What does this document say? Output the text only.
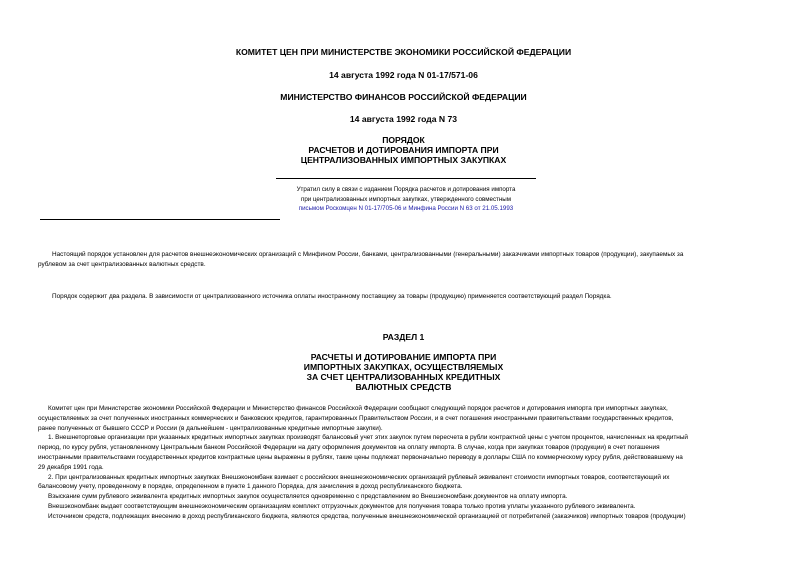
КОМИТЕТ ЦЕН ПРИ МИНИСТЕРСТВЕ ЭКОНОМИКИ РОССИЙСКОЙ ФЕДЕРАЦИИ
14 августа 1992 года N 01-17/571-06
МИНИСТЕРСТВО ФИНАНСОВ РОССИЙСКОЙ ФЕДЕРАЦИИ
14 августа 1992 года N 73
ПОРЯДОК
РАСЧЕТОВ И ДОТИРОВАНИЯ ИМПОРТА ПРИ
ЦЕНТРАЛИЗОВАННЫХ ИМПОРТНЫХ ЗАКУПКАХ
Утратил силу в связи с изданием Порядка расчетов и дотирования импорта
при централизованных импортных закупках, утвержденного совместным
письмом Роскомцен N 01-17/705-06 и Минфина России N 63 от 21.05.1993
Настоящий порядок установлен для расчетов внешнеэкономических организаций с Минфином России, банками, централизованными (генеральными) заказчиками импортных товаров (продукции), закупаемых за
рублевом за счет централизованных валютных средств.
Порядок содержит два раздела. В зависимости от централизованного источника оплаты иностранному поставщику за товары (продукцию) применяется соответствующий раздел Порядка.
РАЗДЕЛ 1
РАСЧЕТЫ И ДОТИРОВАНИЕ ИМПОРТА ПРИ
ИМПОРТНЫХ ЗАКУПКАХ, ОСУЩЕСТВЛЯЕМЫХ
ЗА СЧЕТ ЦЕНТРАЛИЗОВАННЫХ КРЕДИТНЫХ
ВАЛЮТНЫХ СРЕДСТВ
Комитет цен при Министерстве экономики Российской Федерации и Министерство финансов Российской Федерации сообщают следующий порядок расчетов и дотирования импорта при импортных закупках,
осуществляемых за счет полученных иностранных коммерческих и банковских кредитов, гарантированных Правительством России, и в счет погашения иностранными правительствами государственных кредитов,
ранее полученных от бывшего СССР и России (в дальнейшем - централизованные кредитные импортные закупки).
1. Внешнеторговые организации при указанных кредитных импортных закупках производят балансовый учет этих закупок путем пересчета в рубли контрактной цены с учетом процентов, начисленных на кредитный
период, по курсу рубля, установленному Центральным банком Российской Федерации на дату оформления документов на оплату импорта. В случае, когда при закупках товаров (продукции) в счет погашения
иностранными правительствами государственных кредитов контрактные цены выражены в рублях, такие цены подлежат первоначально переводу в доллары США по коммерческому курсу рубля, действовавшему на
29 декабря 1991 года.
2. При централизованных кредитных импортных закупках Внешэкономбанк взимает с российских внешнеэкономических организаций рублевый эквивалент стоимости импортных товаров, соответствующий их
балансовому учету, проведенному в порядке, определенном в пункте 1 данного Порядка, для зачисления в доход республиканского бюджета.
Взыскание сумм рублевого эквивалента кредитных импортных закупок осуществляется одновременно с представлением во Внешэкономбанк документов на оплату импорта.
Внешэкономбанк выдает соответствующим внешнеэкономическим организациям комплект отгрузочных документов для получения товара только против уплаты указанного рублевого эквивалента.
Источником средств, подлежащих внесению в доход республиканского бюджета, являются средства, полученные внешнеэкономической организацией от потребителей (заказчиков) импортных товаров (продукции)
